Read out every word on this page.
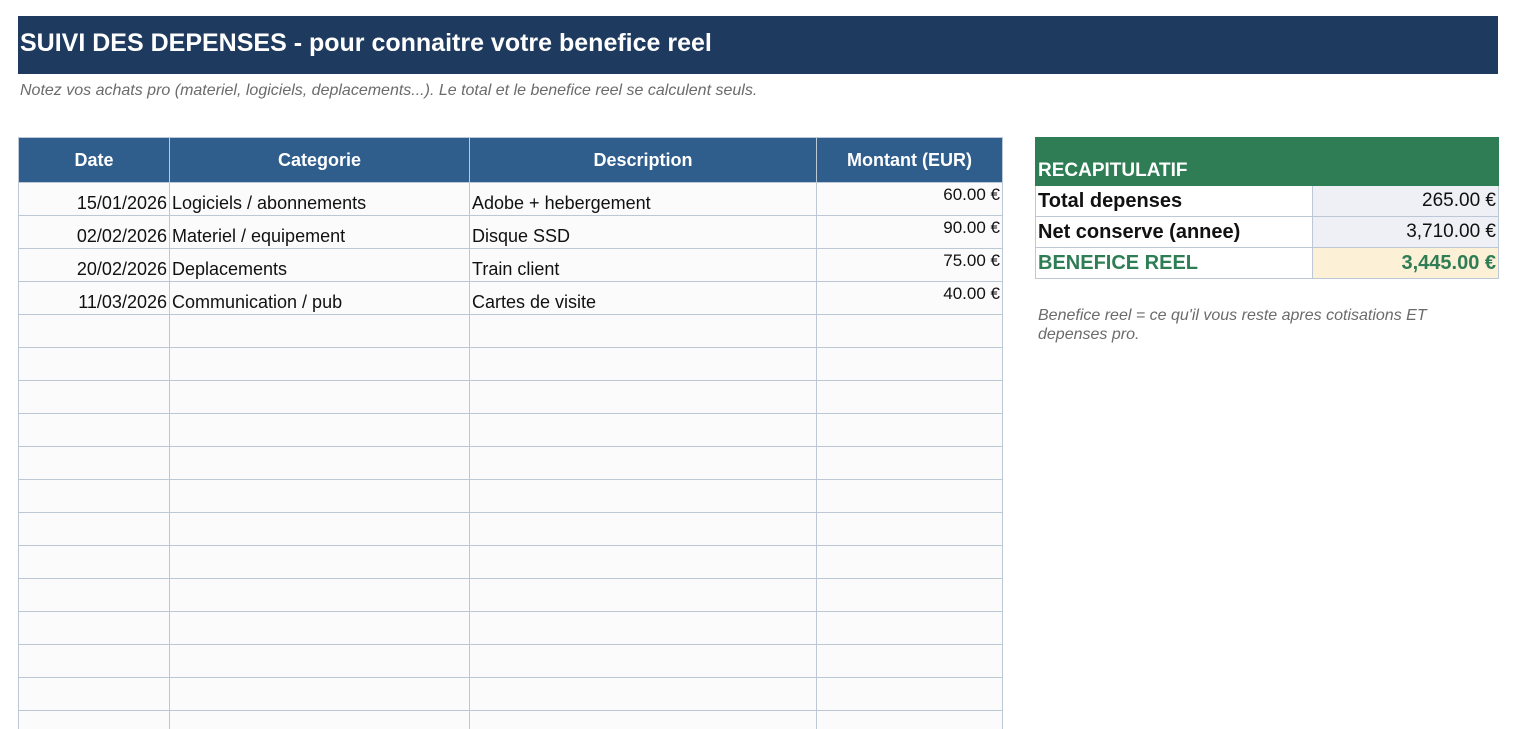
SUIVI DES DEPENSES - pour connaitre votre benefice reel
Notez vos achats pro (materiel, logiciels, deplacements...). Le total et le benefice reel se calculent seuls.
Date	Categorie	Description	Montant (EUR)
15/01/2026	Logiciels / abonnements	Adobe + hebergement	60.00 €
02/02/2026	Materiel / equipement	Disque SSD	90.00 €
20/02/2026	Deplacements	Train client	75.00 €
11/03/2026	Communication / pub	Cartes de visite	40.00 €

RECAPITULATIF	
Total depenses	265.00 €
Net conserve (annee)	3,710.00 €
BENEFICE REEL	3,445.00 €
Benefice reel = ce qu'il vous reste apres cotisations ET depenses pro.
